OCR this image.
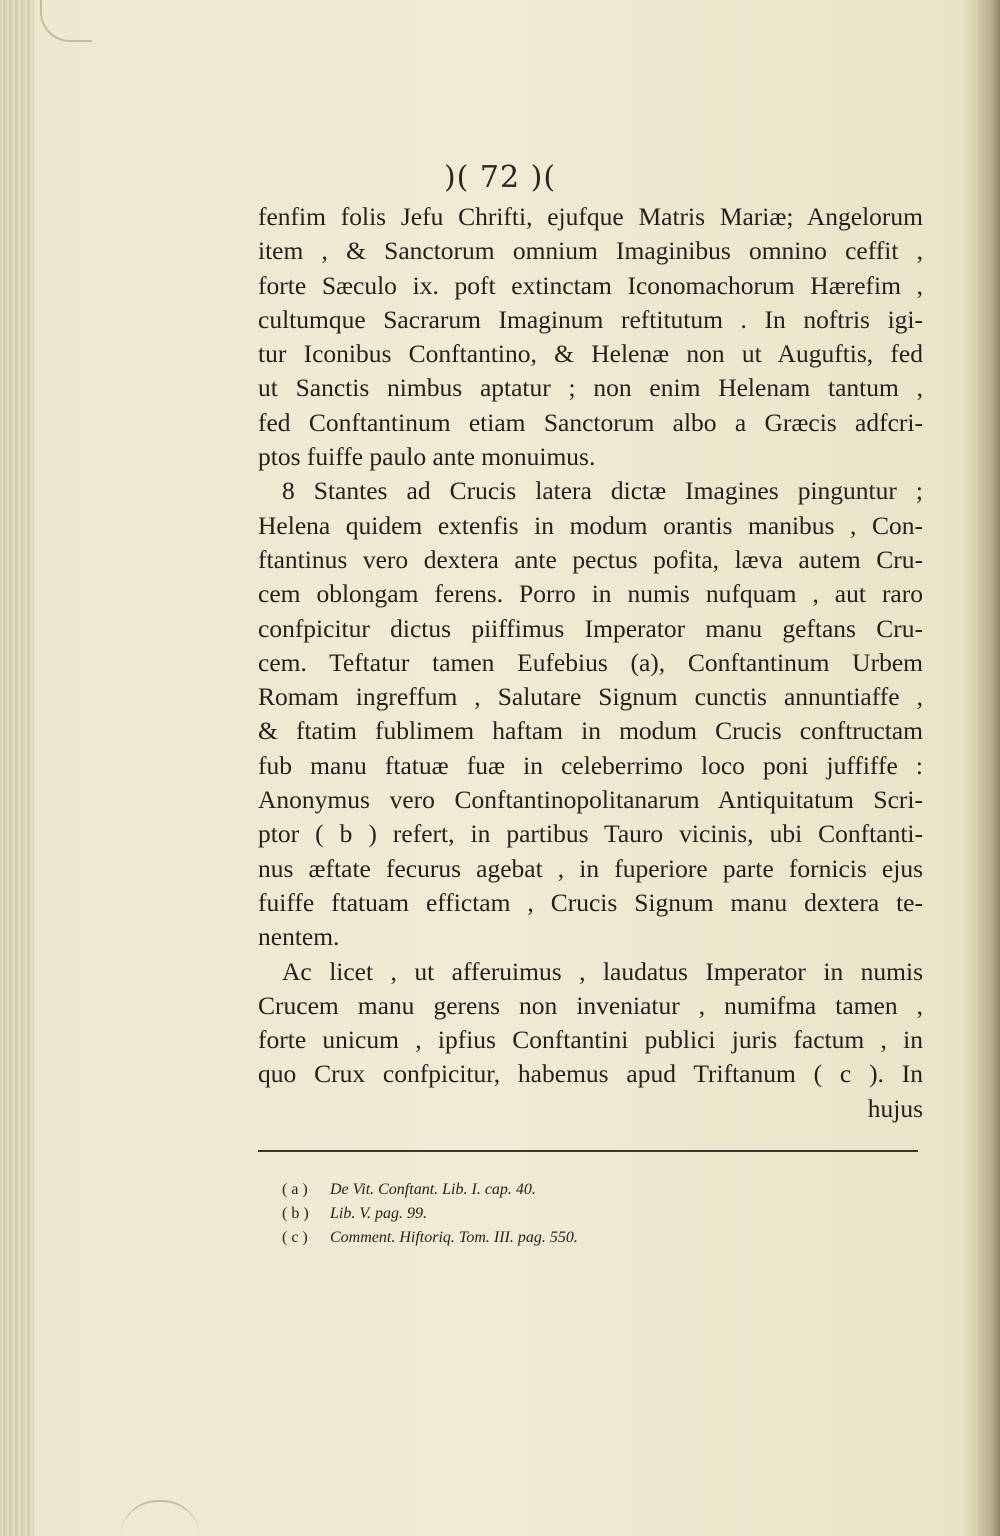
)( 72 )(
fenfim folis Jefu Chrifti, ejufque Matris Mariæ; Angelorum
item , & Sanctorum omnium Imaginibus omnino ceffit ,
forte Sæculo ix. poft extinctam Iconomachorum Hærefim ,
cultumque Sacrarum Imaginum reftitutum . In noftris igi-
tur Iconibus Conftantino, & Helenæ non ut Auguftis, fed
ut Sanctis nimbus aptatur ; non enim Helenam tantum ,
fed Conftantinum etiam Sanctorum albo a Græcis adfcri-
ptos fuiffe paulo ante monuimus.
8 Stantes ad Crucis latera dictæ Imagines pinguntur ;
Helena quidem extenfis in modum orantis manibus , Con-
ftantinus vero dextera ante pectus pofita, læva autem Cru-
cem oblongam ferens. Porro in numis nufquam , aut raro
confpicitur dictus piiffimus Imperator manu geftans Cru-
cem. Teftatur tamen Eufebius (a), Conftantinum Urbem
Romam ingreffum , Salutare Signum cunctis annuntiaffe ,
& ftatim fublimem haftam in modum Crucis conftructam
fub manu ftatuæ fuæ in celeberrimo loco poni juffiffe :
Anonymus vero Conftantinopolitanarum Antiquitatum Scri-
ptor ( b ) refert, in partibus Tauro vicinis, ubi Conftanti-
nus æftate fecurus agebat , in fuperiore parte fornicis ejus
fuiffe ftatuam effictam , Crucis Signum manu dextera te-
nentem.
Ac licet , ut afferuimus , laudatus Imperator in numis
Crucem manu gerens non inveniatur , numifma tamen ,
forte unicum , ipfius Conftantini publici juris factum , in
quo Crux confpicitur, habemus apud Triftanum ( c ). In
hujus
( a ) De Vit. Conftant. Lib. I. cap. 40.
( b ) Lib. V. pag. 99.
( c ) Comment. Hiftoriq. Tom. III. pag. 550.
